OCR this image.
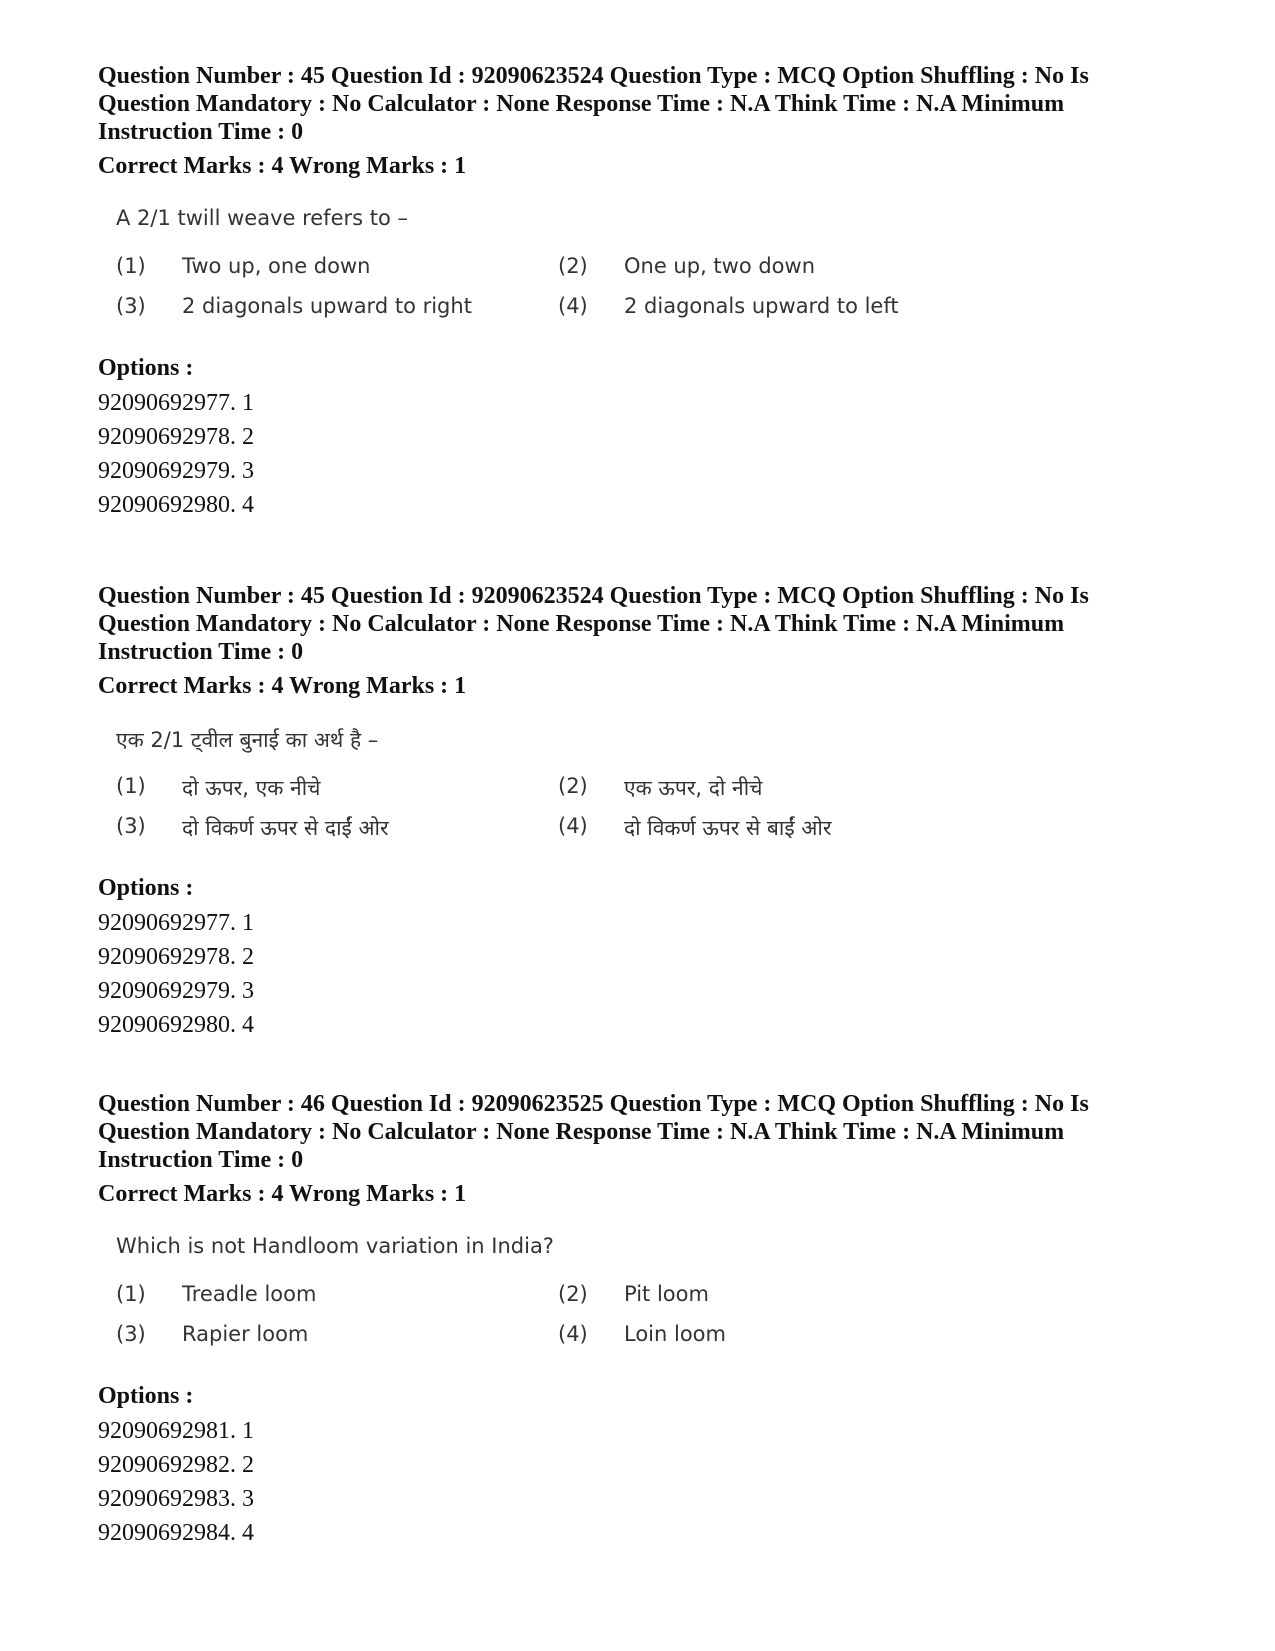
Question Number : 45 Question Id : 92090623524 Question Type : MCQ Option Shuffling : No Is Question Mandatory : No Calculator : None Response Time : N.A Think Time : N.A Minimum Instruction Time : 0

Correct Marks : 4 Wrong Marks : 1
A 2/1 twill weave refers to –
(1) Two up, one down	(2) One up, two down
(3) 2 diagonals upward to right	(4) 2 diagonals upward to left
Options :
92090692977. 1
92090692978. 2
92090692979. 3
92090692980. 4

Question Number : 45 Question Id : 92090623524 Question Type : MCQ Option Shuffling : No Is Question Mandatory : No Calculator : None Response Time : N.A Think Time : N.A Minimum Instruction Time : 0

Correct Marks : 4 Wrong Marks : 1
एक 2/1 ट्वील बुनाई का अर्थ है –
(1) दो ऊपर, एक नीचे	(2) एक ऊपर, दो नीचे
(3) दो विकर्ण ऊपर से दाईं ओर	(4) दो विकर्ण ऊपर से बाईं ओर
Options :
92090692977. 1
92090692978. 2
92090692979. 3
92090692980. 4

Question Number : 46 Question Id : 92090623525 Question Type : MCQ Option Shuffling : No Is Question Mandatory : No Calculator : None Response Time : N.A Think Time : N.A Minimum Instruction Time : 0

Correct Marks : 4 Wrong Marks : 1
Which is not Handloom variation in India?
(1) Treadle loom	(2) Pit loom
(3) Rapier loom	(4) Loin loom
Options :
92090692981. 1
92090692982. 2
92090692983. 3
92090692984. 4
